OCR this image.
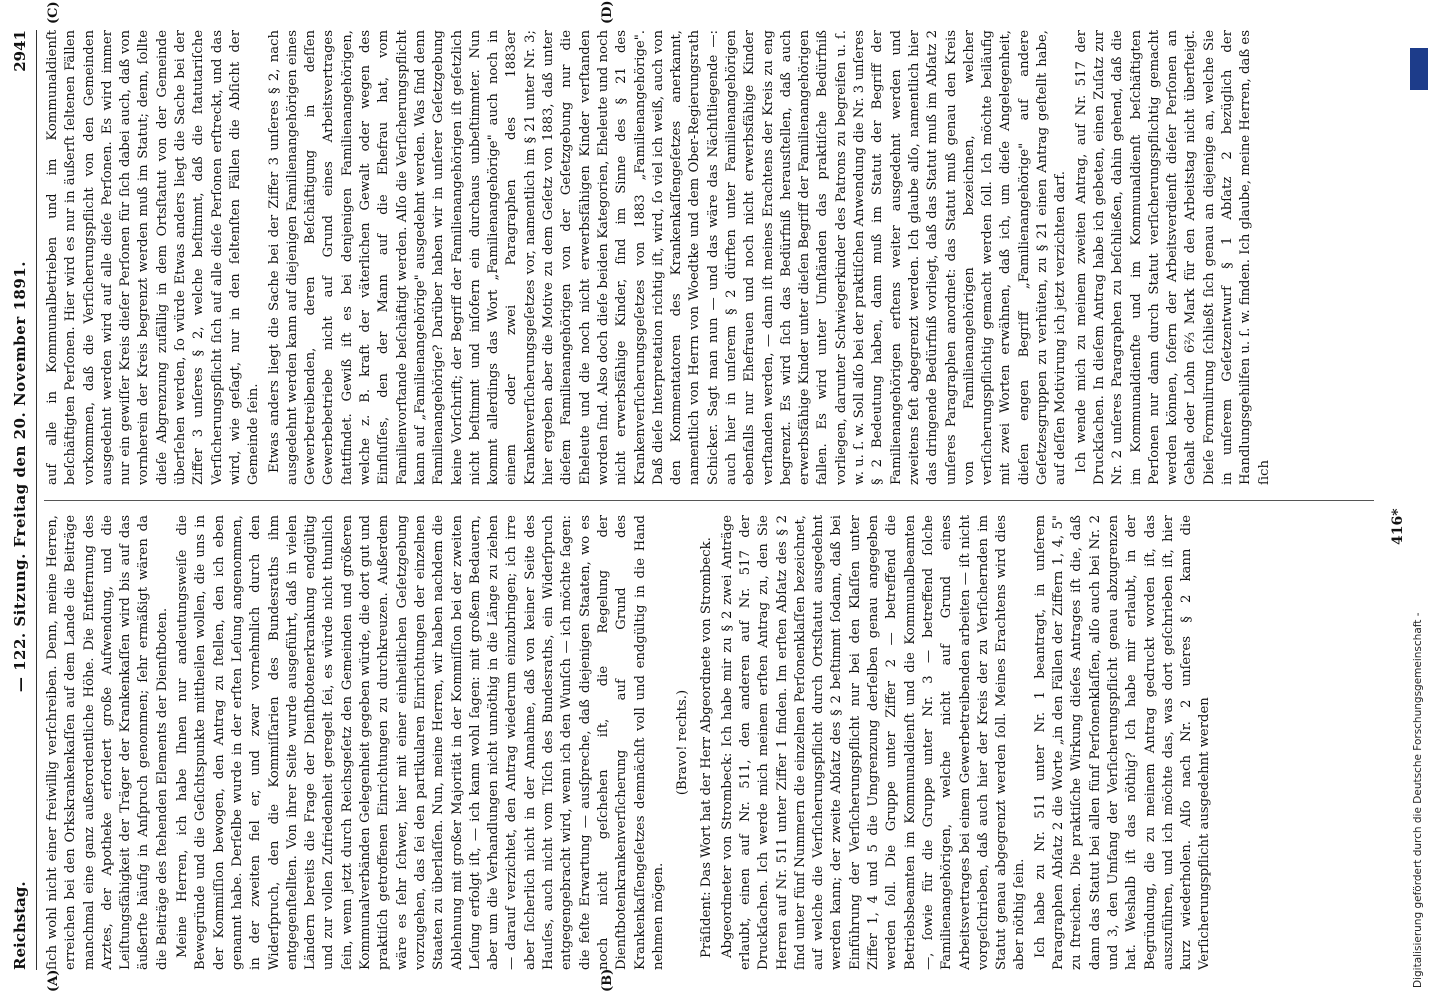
Reichstag.
— 122. Sitzung. Freitag den 20. November 1891.
2941
(A)	(B)
(C)	(D)

ſich wohl nicht einer freiwillig verſchreiben. Denn, meine Herren, erreichen bei den Orkskrankenkaſſen auf dem Lande die Beiträge manchmal eine ganz außerordentliche Höhe. Die Entfernung des Arztes, der Apotheke erfordert große Aufwendung, und die Leiſtungsfähigkeit der Träger der Krankenkaſſen wird bis auf das äußerſte häufig in Anſpruch genommen; ſehr ermäßigt wären da die Beiträge des ſtehenden Elements der Dienſtboten. Meine Herren, ich habe Ihnen nur andeutungsweiſe die Bewegründe und die Geſichtspunkte mittheilen wollen, die uns in der Kommiſſion bewogen, den Antrag zu ſtellen, den ich eben genannt habe. Derſelbe wurde in der erſten Leſung angenommen, in der zweiten fiel er, und zwar vornehmlich durch den Widerſpruch, den die Kommiſſarien des Bundesraths ihm entgegenſtellten. Von ihrer Seite wurde ausgeführt, daß in vielen Ländern bereits die Frage der Dienſtbotenerkrankung endgültig und zur vollen Zufriedenheit geregelt ſei, es würde nicht thunlich ſein, wenn jetzt durch Reichsgeſetz den Gemeinden und größeren Kommunalverbänden Gelegenheit gegeben würde, die dort gut und praktiſch getroffenen Einrichtungen zu durchkreuzen. Außerdem wäre es ſehr ſchwer, hier mit einer einheitlichen Geſetzgebung vorzugehen, das ſei den partikularen Einrichtungen der einzelnen Staaten zu überlaſſen. Nun, meine Herren, wir haben nachdem die Ablehnung mit großer Majorität in der Kommiſſion bei der zweiten Leſung erfolgt iſt, — ich kann wohl ſagen: mit großem Bedauern, aber um die Verhandlungen nicht unnöthig in die Länge zu ziehen — darauf verzichtet, den Antrag wiederum einzubringen; ich irre aber ſicherlich nicht in der Annahme, daß von keiner Seite des Hauſes, auch nicht vom Tiſch des Bundesraths, ein Widerſpruch entgegengebracht wird, wenn ich den Wunſch — ich möchte ſagen: die feſte Erwartung — ausſpreche, daß diejenigen Staaten, wo es noch nicht geſchehen iſt, die Regelung der Dienſtbotenkrankenverſicherung auf Grund des Krankenkaſſengeſetzes demnächſt voll und endgültig in die Hand nehmen mögen.

(Bravo! rechts.) Präſident: Das Wort hat der Herr Abgeordnete von Strombeck. Abgeordneter von Strombeck: Ich habe mir zu § 2 zwei Anträge erlaubt, einen auf Nr. 511, den anderen auf Nr. 517 der Druckſachen. Ich werde mich meinem erſten Antrag zu, den Sie Herren auf Nr. 511 unter Ziffer 1 finden. Im erſten Abſatz des § 2 ſind unter fünf Nummern die einzelnen Perſonenklaſſen bezeichnet, auf welche die Verſicherungspflicht durch Ortsſtatut ausgedehnt werden kann; der zweite Abſatz des § 2 beſtimmt ſodann, daß bei Einführung der Verſicherungspflicht nur bei den Klaſſen unter Ziffer 1, 4 und 5 die Umgrenzung derſelben genau angegeben werden ſoll. Die Gruppe unter Ziffer 2 — betreffend die Betriebsbeamten im Kommunaldienſt und die Kommunalbeamten —, ſowie für die Gruppe unter Nr. 3 — betreffend ſolche Familienangehörigen, welche nicht auf Grund eines Arbeitsvertrages bei einem Gewerbetreibenden arbeiten — iſt nicht vorgeſchrieben, daß auch hier der Kreis der zu Verſichernden im Statut genau abgegrenzt werden ſoll. Meines Erachtens wird dies aber nöthig ſein. Ich habe zu Nr. 511 unter Nr. 1 beantragt, in unſerem Paragraphen Abſatz 2 die Worte „in den Fällen der Ziffern 1, 4, 5" zu ſtreichen. Die praktiſche Wirkung dieſes Antrages iſt die, daß dann das Statut bei allen fünf Perſonenklaſſen, alſo auch bei Nr. 2 und 3, den Umfang der Verſicherungspflicht genau abzugrenzen hat. Weshalb iſt das nöthig? Ich habe mir erlaubt, in der Begründung, die zu meinem Antrag gedruckt worden iſt, das auszuführen, und ich möchte das, was dort geſchrieben iſt, hier kurz wiederholen. Alſo nach Nr. 2 unſeres § 2 kann die Verſicherungspflicht ausgedehnt werden

auf alle in Kommunalbetrieben und im Kommunaldienſt beſchäftigten Perſonen. Hier wird es nur in äußerſt ſeltenen Fällen vorkommen, daß die Verſicherungspflicht von den Gemeinden ausgedehnt werden wird auf alle dieſe Perſonen. Es wird immer nur ein gewiſſer Kreis dieſer Perſonen für ſich dabei auch, daß von vornherein der Kreis begrenzt werden muß im Statut; denn, ſollte dieſe Abgrenzung zufällig in dem Ortsſtatut von der Gemeinde überſehen werden, ſo würde Etwas anders liegt die Sache bei der Ziffer 3 unſeres § 2, welche beſtimmt, daß die ſtatutariſche Verſicherungspflicht ſich auf alle dieſe Perſonen erſtreckt, und das wird, wie geſagt, nur in den ſeltenſten Fällen die Abſicht der Gemeinde ſein. Etwas anders liegt die Sache bei der Ziffer 3 unſeres § 2, nach ausgedehnt werden kann auf diejenigen Familienangehörigen eines Gewerbetreibenden, deren Beſchäftigung in deſſen Gewerbebetriebe nicht auf Grund eines Arbeitsvertrages ſtattfindet. Gewiß iſt es bei denjenigen Familienangehörigen, welche z. B. kraft der väterlichen Gewalt oder wegen des Einfluſſes, den der Mann auf die Ehefrau hat, vom Familienvorſtande beſchäftigt werden. Alſo die Verſicherungspflicht kann auf „Familienangehörige" ausgedehnt werden. Was ſind denn Familienangehörige? Darüber haben wir in unſerer Geſetzgebung keine Vorſchrift; der Begriff der Familienangehörigen iſt geſetzlich nicht beſtimmt und inſofern ein durchaus unbeſtimmter. Nun kommt allerdings das Wort „Familienangehörige" auch noch in einem oder zwei Paragraphen des 1883er Krankenverſicherungsgeſetzes vor, namentlich im § 21 unter Nr. 3; hier ergeben aber die Motive zu dem Geſetz von 1883, daß unter dieſem Familienangehörigen von der Geſetzgebung nur die Eheleute und die noch nicht erwerbsfähigen Kinder verſtanden worden ſind. Also doch dieſe beiden Kategorien, Eheleute und noch nicht erwerbsfähige Kinder, ſind im Sinne des § 21 des Krankenverſicherungsgeſetzes von 1883 „Familienangehörige". Daß dieſe Interpretation richtig iſt, wird, ſo viel ich weiß, auch von den Kommentatoren des Krankenkaſſengeſetzes anerkannt, namentlich von Herrn von Woedtke und dem Ober-Regierungsrath Schicker. Sagt man nun — und das wäre das Nächſtliegende —: auch hier in unſerem § 2 dürften unter Familienangehörigen ebenfalls nur Ehefrauen und noch nicht erwerbsfähige Kinder verſtanden werden, — dann iſt meines Erachtens der Kreis zu eng begrenzt. Es wird ſich das Bedürfniß herausſtellen, daß auch erwerbsfähige Kinder unter dieſen Begriff der Familienangehörigen fallen. Es wird unter Umſtänden das praktiſche Bedürfniß vorliegen, darunter Schwiegerkinder des Patrons zu begreifen u. ſ. w. u. ſ. w. Soll alſo bei der praktiſchen Anwendung die Nr. 3 unſeres § 2 Bedeutung haben, dann muß im Statut der Begriff der Familienangehörigen erſtens weiter ausgedehnt werden und zweitens feſt abgegrenzt werden. Ich glaube alſo, namentlich hier das dringende Bedürfniß vorliegt, daß das Statut muß im Abſatz 2 unſeres Paragraphen anordnet: das Statut muß genau den Kreis von Familienangehörigen bezeichnen, welcher verſicherungspflichtig gemacht werden ſoll. Ich möchte beiläufig mit zwei Worten erwähnen, daß ich, um dieſe Angelegenheit, dieſen engen Begriff „Familienangehörige" auf andere Geſetzesgruppen zu verhüten, zu § 21 einen Antrag geſtellt habe, auf deſſen Motivirung ich jetzt verzichten darf. Ich wende mich zu meinem zweiten Antrag, auf Nr. 517 der Druckſachen. In dieſem Antrag habe ich gebeten, einen Zuſatz zur Nr. 2 unſeres Paragraphen zu beſchließen, dahin gehend, daß die im Kommunaldienſte und im Kommunaldienſt beſchäftigten Perſonen nur dann durch Statut verſicherungspflichtig gemacht werden können, ſofern der Arbeitsverdienſt dieſer Perſonen an Gehalt oder Lohn 6⅔ Mark für den Arbeitstag nicht überſteigt. Dieſe Formulirung ſchließt ſich genau an diejenige an, welche Sie in unſerem Geſetzentwurf § 1 Abſatz 2 bezüglich der Handlungsgehilfen u. ſ. w. finden. Ich glaube, meine Herren, daß es ſich

416*
Digitalisierung gefördert durch die Deutsche Forschungsgemeinschaft -
